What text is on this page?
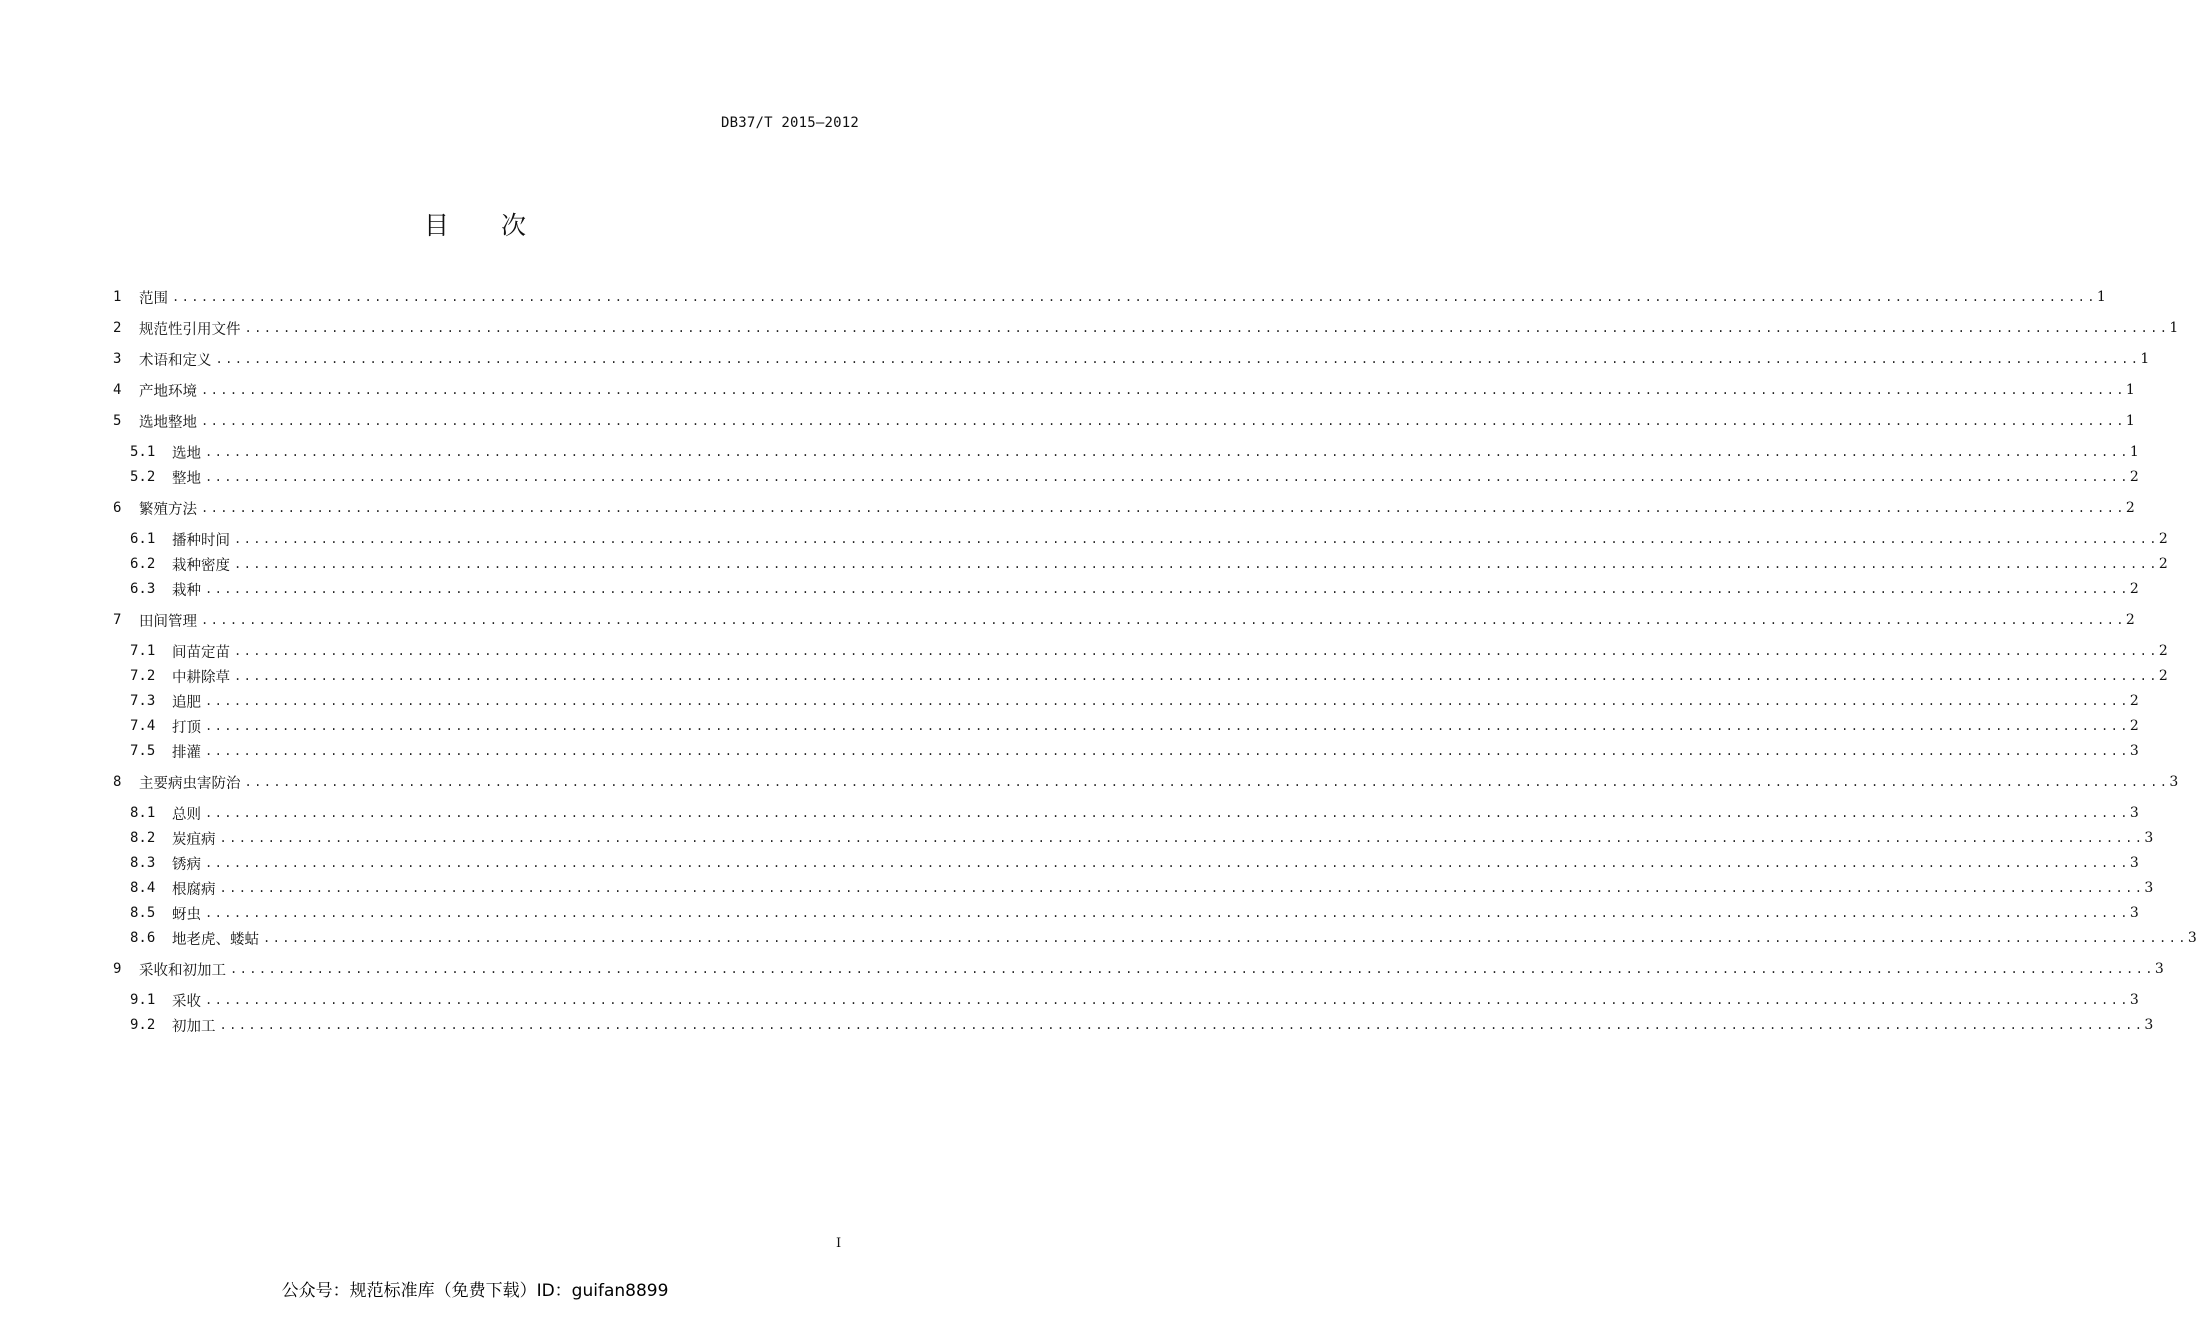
DB37/T 2015—2012
目 次
1	范围 ........................................................................................................................................................................................................ 1
2	规范性引用文件 ........................................................................................................................................................................................................ 1
3	术语和定义 ........................................................................................................................................................................................................ 1
4	产地环境 ........................................................................................................................................................................................................ 1
5	选地整地 ........................................................................................................................................................................................................ 1
5.1	选地 ........................................................................................................................................................................................................ 1
5.2	整地 ........................................................................................................................................................................................................ 2
6	繁殖方法 ........................................................................................................................................................................................................ 2
6.1	播种时间 ........................................................................................................................................................................................................ 2
6.2	栽种密度 ........................................................................................................................................................................................................ 2
6.3	栽种 ........................................................................................................................................................................................................ 2
7	田间管理 ........................................................................................................................................................................................................ 2
7.1	间苗定苗 ........................................................................................................................................................................................................ 2
7.2	中耕除草 ........................................................................................................................................................................................................ 2
7.3	追肥 ........................................................................................................................................................................................................ 2
7.4	打顶 ........................................................................................................................................................................................................ 2
7.5	排灌 ........................................................................................................................................................................................................ 3
8	主要病虫害防治 ........................................................................................................................................................................................................ 3
8.1	总则 ........................................................................................................................................................................................................ 3
8.2	炭疽病 ........................................................................................................................................................................................................ 3
8.3	锈病 ........................................................................................................................................................................................................ 3
8.4	根腐病 ........................................................................................................................................................................................................ 3
8.5	蚜虫 ........................................................................................................................................................................................................ 3
8.6	地老虎、蝼蛄 ........................................................................................................................................................................................................ 3
9	采收和初加工 ........................................................................................................................................................................................................ 3
9.1	采收 ........................................................................................................................................................................................................ 3
9.2	初加工 ........................................................................................................................................................................................................ 3
I
公众号：规范标准库（免费下载）ID：guifan8899
